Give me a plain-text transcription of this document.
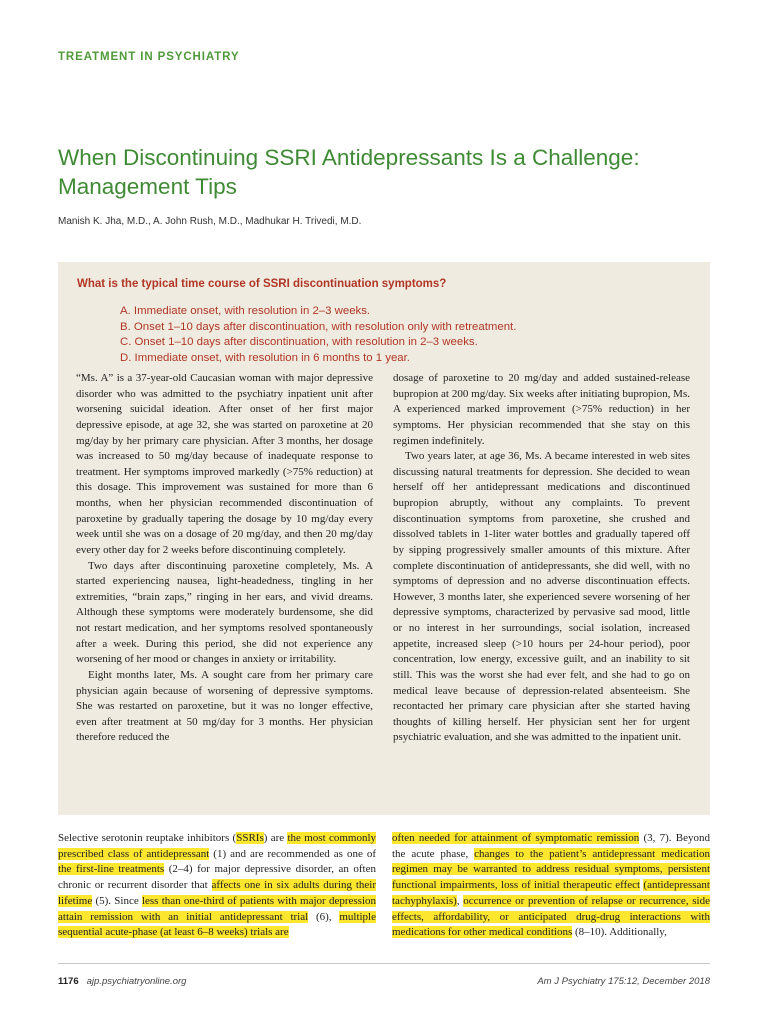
TREATMENT IN PSYCHIATRY
When Discontinuing SSRI Antidepressants Is a Challenge: Management Tips
Manish K. Jha, M.D., A. John Rush, M.D., Madhukar H. Trivedi, M.D.
What is the typical time course of SSRI discontinuation symptoms?
A. Immediate onset, with resolution in 2–3 weeks.
B. Onset 1–10 days after discontinuation, with resolution only with retreatment.
C. Onset 1–10 days after discontinuation, with resolution in 2–3 weeks.
D. Immediate onset, with resolution in 6 months to 1 year.

“Ms. A” is a 37-year-old Caucasian woman with major depressive disorder who was admitted to the psychiatry inpatient unit after worsening suicidal ideation. After onset of her first major depressive episode, at age 32, she was started on paroxetine at 20 mg/day by her primary care physician. After 3 months, her dosage was increased to 50 mg/day because of inadequate response to treatment. Her symptoms improved markedly (>75% reduction) at this dosage. This improvement was sustained for more than 6 months, when her physician recommended discontinuation of paroxetine by gradually tapering the dosage by 10 mg/day every week until she was on a dosage of 20 mg/day, and then 20 mg/day every other day for 2 weeks before discontinuing completely.

Two days after discontinuing paroxetine completely, Ms. A started experiencing nausea, light-headedness, tingling in her extremities, “brain zaps,” ringing in her ears, and vivid dreams. Although these symptoms were moderately burdensome, she did not restart medication, and her symptoms resolved spontaneously after a week. During this period, she did not experience any worsening of her mood or changes in anxiety or irritability.

Eight months later, Ms. A sought care from her primary care physician again because of worsening of depressive symptoms. She was restarted on paroxetine, but it was no longer effective, even after treatment at 50 mg/day for 3 months. Her physician therefore reduced the

dosage of paroxetine to 20 mg/day and added sustained-release bupropion at 200 mg/day. Six weeks after initiating bupropion, Ms. A experienced marked improvement (>75% reduction) in her symptoms. Her physician recommended that she stay on this regimen indefinitely.

Two years later, at age 36, Ms. A became interested in web sites discussing natural treatments for depression. She decided to wean herself off her antidepressant medications and discontinued bupropion abruptly, without any complaints. To prevent discontinuation symptoms from paroxetine, she crushed and dissolved tablets in 1-liter water bottles and gradually tapered off by sipping progressively smaller amounts of this mixture. After complete discontinuation of antidepressants, she did well, with no symptoms of depression and no adverse discontinuation effects. However, 3 months later, she experienced severe worsening of her depressive symptoms, characterized by pervasive sad mood, little or no interest in her surroundings, social isolation, increased appetite, increased sleep (>10 hours per 24-hour period), poor concentration, low energy, excessive guilt, and an inability to sit still. This was the worst she had ever felt, and she had to go on medical leave because of depression-related absenteeism. She recontacted her primary care physician after she started having thoughts of killing herself. Her physician sent her for urgent psychiatric evaluation, and she was admitted to the inpatient unit.

Selective serotonin reuptake inhibitors (SSRIs) are the most commonly prescribed class of antidepressant (1) and are recommended as one of the first-line treatments (2–4) for major depressive disorder, an often chronic or recurrent disorder that affects one in six adults during their lifetime (5). Since less than one-third of patients with major depression attain remission with an initial antidepressant trial (6), multiple sequential acute-phase (at least 6–8 weeks) trials are

often needed for attainment of symptomatic remission (3, 7). Beyond the acute phase, changes to the patient’s antidepressant medication regimen may be warranted to address residual symptoms, persistent functional impairments, loss of initial therapeutic effect (antidepressant tachyphylaxis), occurrence or prevention of relapse or recurrence, side effects, affordability, or anticipated drug-drug interactions with medications for other medical conditions (8–10). Additionally,

1176 ajp.psychiatryonline.org	Am J Psychiatry 175:12, December 2018
